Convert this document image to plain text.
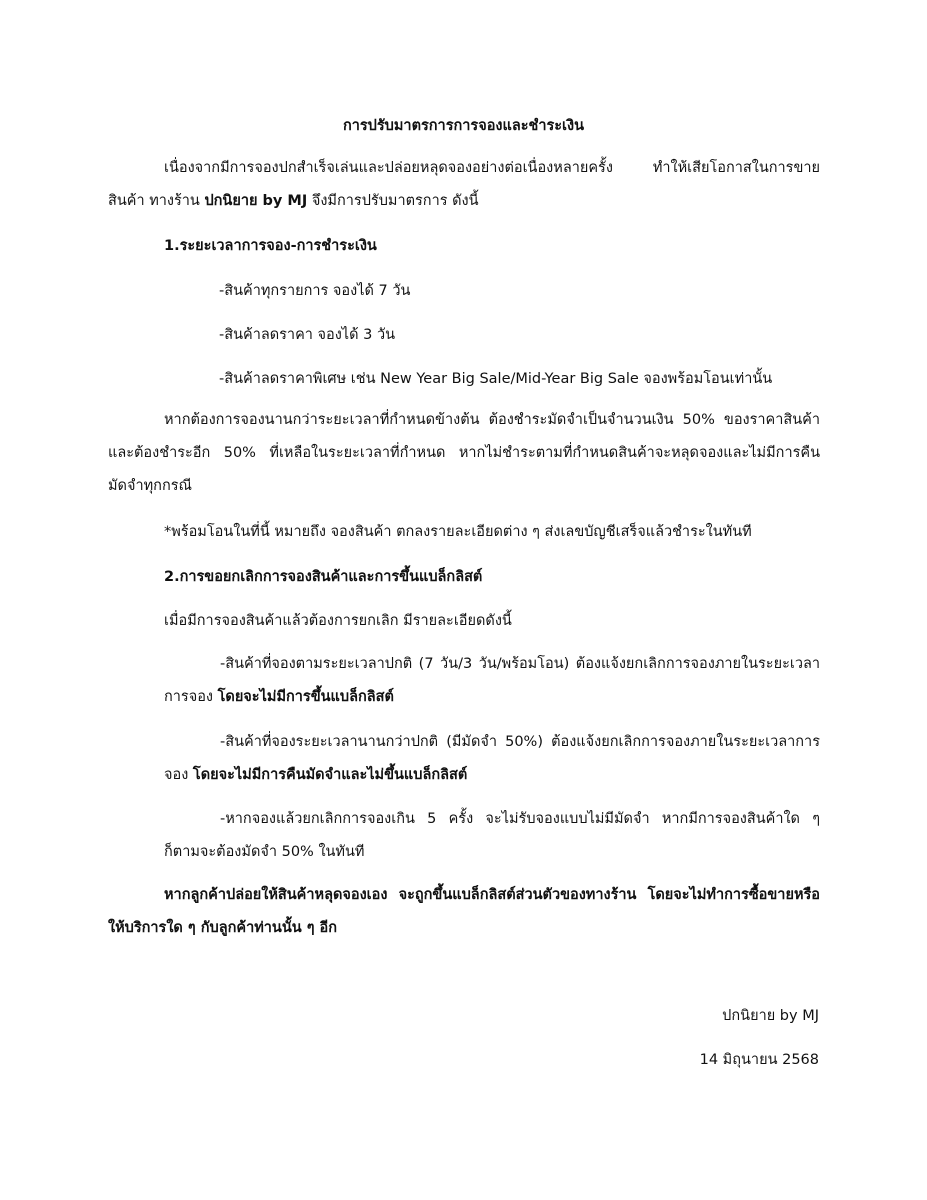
การปรับมาตรการการจองและชำระเงิน

เนื่องจากมีการจองปกสำเร็จเล่นและปล่อยหลุดจองอย่างต่อเนื่องหลายครั้ง ทำให้เสียโอกาสในการขายสินค้า ทางร้าน ปกนิยาย by MJ จึงมีการปรับมาตรการ ดังนี้

1.ระยะเวลาการจอง-การชำระเงิน
-สินค้าทุกรายการ จองได้ 7 วัน
-สินค้าลดราคา จองได้ 3 วัน
-สินค้าลดราคาพิเศษ เช่น New Year Big Sale/Mid-Year Big Sale จองพร้อมโอนเท่านั้น

หากต้องการจองนานกว่าระยะเวลาที่กำหนดข้างต้น ต้องชำระมัดจำเป็นจำนวนเงิน 50% ของราคาสินค้าและต้องชำระอีก 50% ที่เหลือในระยะเวลาที่กำหนด หากไม่ชำระตามที่กำหนดสินค้าจะหลุดจองและไม่มีการคืนมัดจำทุกกรณี

*พร้อมโอนในที่นี้ หมายถึง จองสินค้า ตกลงรายละเอียดต่าง ๆ ส่งเลขบัญชีเสร็จแล้วชำระในทันที
2.การขอยกเลิกการจองสินค้าและการขึ้นแบล็กลิสต์
เมื่อมีการจองสินค้าแล้วต้องการยกเลิก มีรายละเอียดดังนี้

-สินค้าที่จองตามระยะเวลาปกติ (7 วัน/3 วัน/พร้อมโอน) ต้องแจ้งยกเลิกการจองภายในระยะเวลาการจอง โดยจะไม่มีการขึ้นแบล็กลิสต์

-สินค้าที่จองระยะเวลานานกว่าปกติ (มีมัดจำ 50%) ต้องแจ้งยกเลิกการจองภายในระยะเวลาการจอง โดยจะไม่มีการคืนมัดจำและไม่ขึ้นแบล็กลิสต์

-หากจองแล้วยกเลิกการจองเกิน 5 ครั้ง จะไม่รับจองแบบไม่มีมัดจำ หากมีการจองสินค้าใด ๆ ก็ตามจะต้องมัดจำ 50% ในทันที

หากลูกค้าปล่อยให้สินค้าหลุดจองเอง จะถูกขึ้นแบล็กลิสต์ส่วนตัวของทางร้าน โดยจะไม่ทำการซื้อขายหรือให้บริการใด ๆ กับลูกค้าท่านนั้น ๆ อีก

ปกนิยาย by MJ
14 มิถุนายน 2568
